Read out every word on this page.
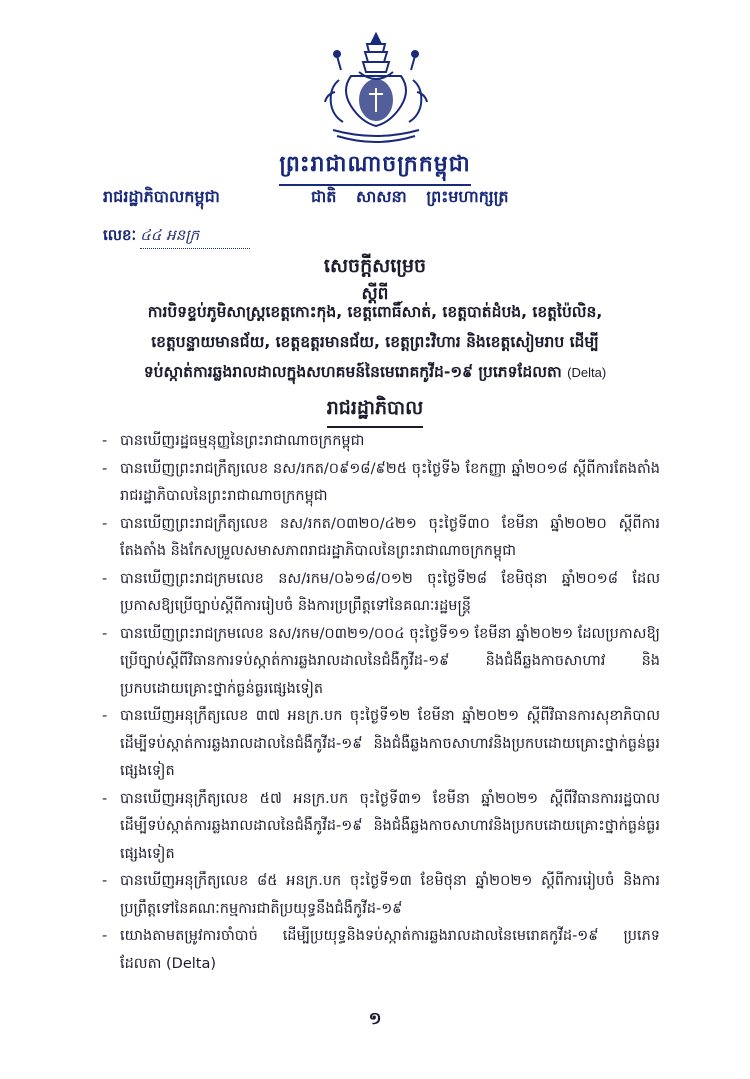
ព្រះរាជាណាចក្រកម្ពុជា
រាជរដ្ឋាភិបាលកម្ពុជា	ជាតិ សាសនា ព្រះមហាក្សត្រ
លេខៈ ៤៤ អនក្រ
សេចក្តីសម្រេច
ស្តីពី
ការបិទខ្ទប់ភូមិសាស្ត្រខេត្តកោះកុង, ខេត្តពោធិ៍សាត់, ខេត្តបាត់ដំបង, ខេត្តប៉ៃលិន,
ខេត្តបន្ទាយមានជ័យ, ខេត្តឧត្តរមានជ័យ, ខេត្តព្រះវិហារ និងខេត្តសៀមរាប ដើម្បី
ទប់ស្កាត់ការឆ្លងរាលដាលក្នុងសហគមន៍នៃមេរោគកូវីដ-១៩ ប្រភេទដែលតា (Delta)
រាជរដ្ឋាភិបាល
- បានឃើញរដ្ឋធម្មនុញ្ញនៃព្រះរាជាណាចក្រកម្ពុជា
- បានឃើញព្រះរាជក្រឹត្យលេខ នស/រកត/០៩១៨/៩២៥ ចុះថ្ងៃទី៦ ខែកញ្ញា ឆ្នាំ២០១៨ ស្តីពីការតែងតាំងរាជរដ្ឋាភិបាលនៃព្រះរាជាណាចក្រកម្ពុជា
- បានឃើញព្រះរាជក្រឹត្យលេខ នស/រកត/០៣២០/៤២១ ចុះថ្ងៃទី៣០ ខែមីនា ឆ្នាំ២០២០ ស្តីពីការតែងតាំង និងកែសម្រួលសមាសភាពរាជរដ្ឋាភិបាលនៃព្រះរាជាណាចក្រកម្ពុជា
- បានឃើញព្រះរាជក្រមលេខ នស/រកម/០៦១៨/០១២ ចុះថ្ងៃទី២៨ ខែមិថុនា ឆ្នាំ២០១៨ ដែលប្រកាសឱ្យប្រើច្បាប់ស្តីពីការរៀបចំ និងការប្រព្រឹត្តទៅនៃគណៈរដ្ឋមន្ត្រី
- បានឃើញព្រះរាជក្រមលេខ នស/រកម/០៣២១/០០៤ ចុះថ្ងៃទី១១ ខែមីនា ឆ្នាំ២០២១ ដែលប្រកាសឱ្យប្រើច្បាប់ស្តីពីវិធានការទប់ស្កាត់ការឆ្លងរាលដាលនៃជំងឺកូវីដ-១៩ និងជំងឺឆ្លងកាចសាហាវ និងប្រកបដោយគ្រោះថ្នាក់ធ្ងន់ធ្ងរផ្សេងទៀត
- បានឃើញអនុក្រឹត្យលេខ ៣៧ អនក្រ.បក ចុះថ្ងៃទី១២ ខែមីនា ឆ្នាំ២០២១ ស្តីពីវិធានការសុខាភិបាលដើម្បីទប់ស្កាត់ការឆ្លងរាលដាលនៃជំងឺកូវីដ-១៩ និងជំងឺឆ្លងកាចសាហាវនិងប្រកបដោយគ្រោះថ្នាក់ធ្ងន់ធ្ងរផ្សេងទៀត
- បានឃើញអនុក្រឹត្យលេខ ៥៧ អនក្រ.បក ចុះថ្ងៃទី៣១ ខែមីនា ឆ្នាំ២០២១ ស្តីពីវិធានការរដ្ឋបាលដើម្បីទប់ស្កាត់ការឆ្លងរាលដាលនៃជំងឺកូវីដ-១៩ និងជំងឺឆ្លងកាចសាហាវនិងប្រកបដោយគ្រោះថ្នាក់ធ្ងន់ធ្ងរផ្សេងទៀត
- បានឃើញអនុក្រឹត្យលេខ ៨៥ អនក្រ.បក ចុះថ្ងៃទី១៣ ខែមិថុនា ឆ្នាំ២០២១ ស្តីពីការរៀបចំ និងការប្រព្រឹត្តទៅនៃគណៈកម្មការជាតិប្រយុទ្ធនឹងជំងឺកូវីដ-១៩
- យោងតាមតម្រូវការចាំបាច់ ដើម្បីប្រយុទ្ធនិងទប់ស្កាត់ការឆ្លងរាលដាលនៃមេរោគកូវីដ-១៩ ប្រភេទដែលតា (Delta)
១
